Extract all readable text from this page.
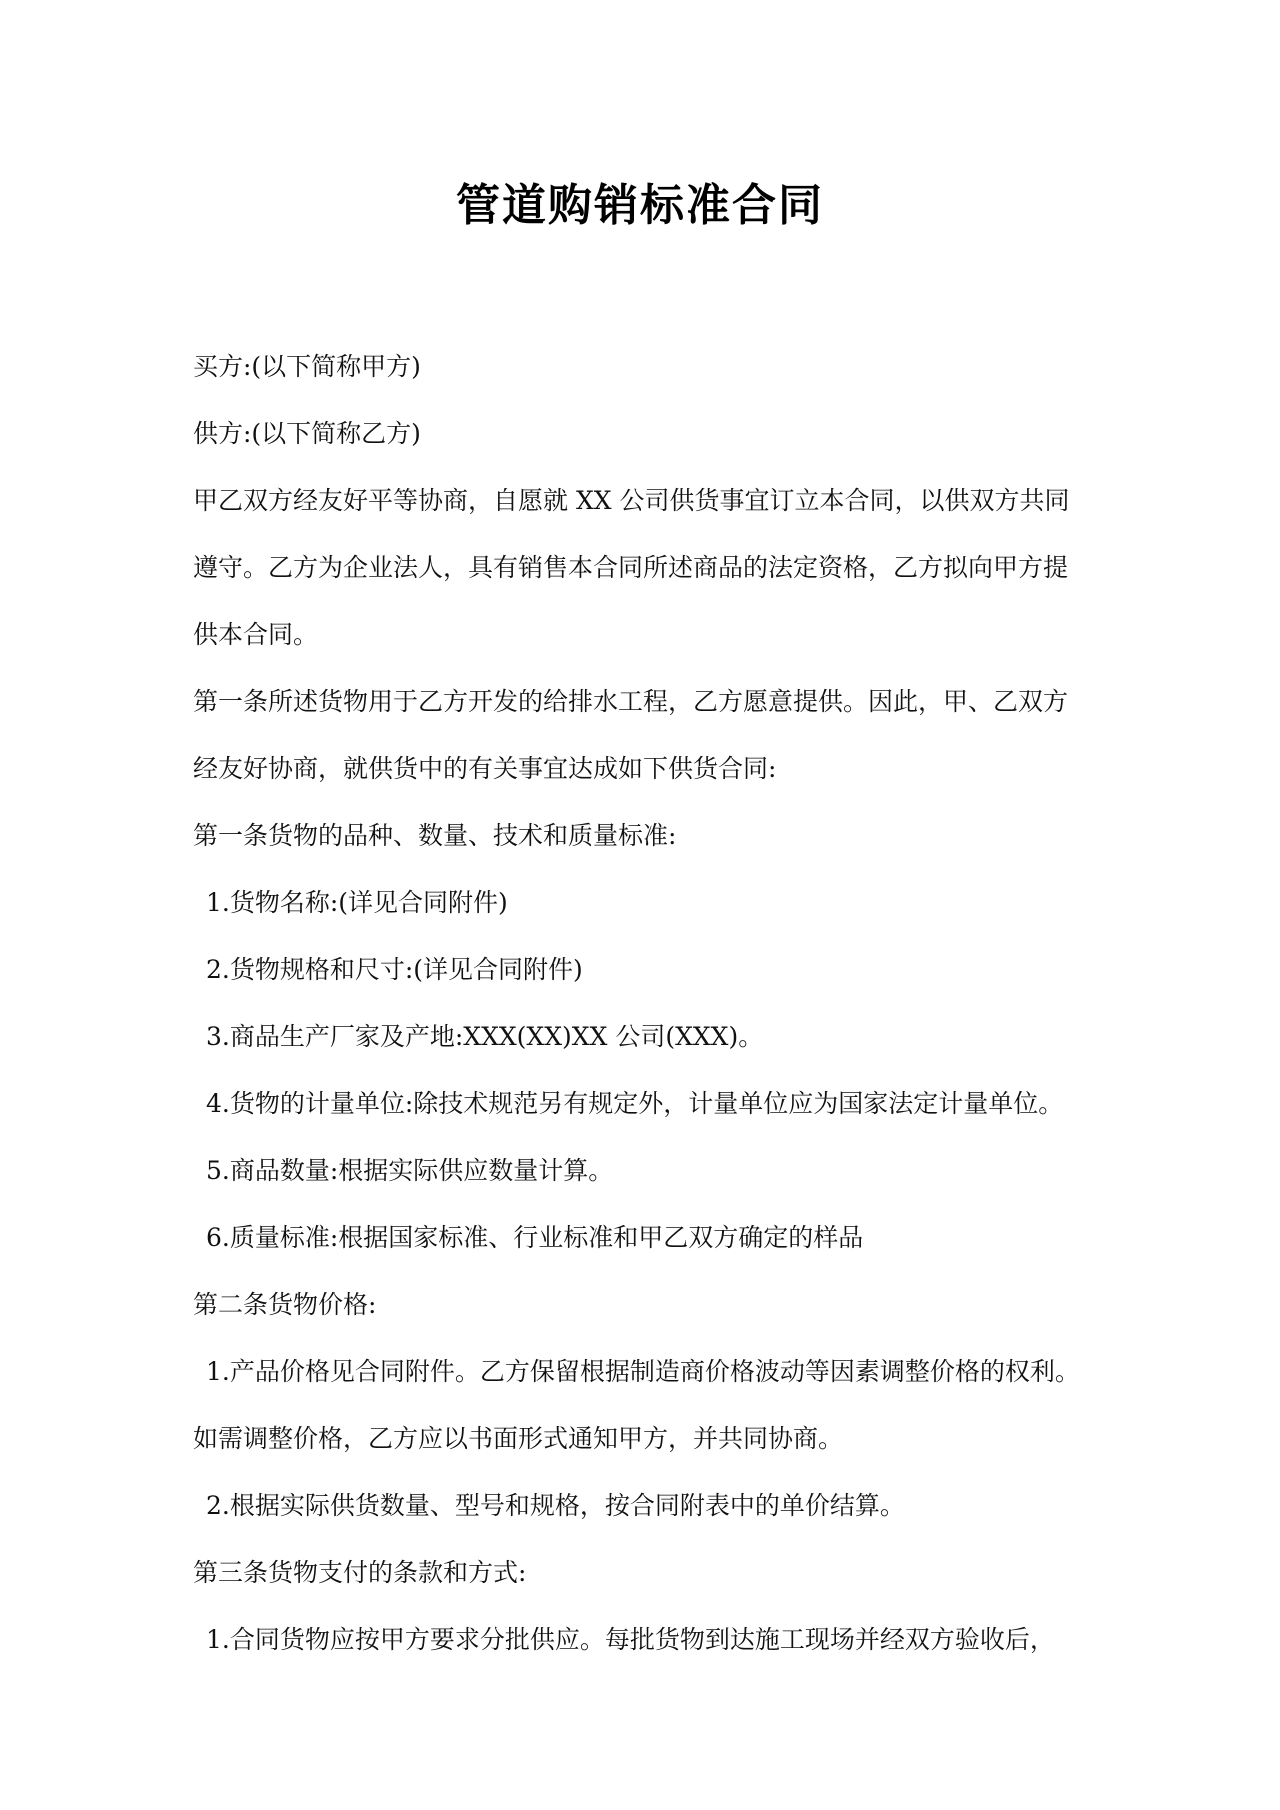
管道购销标准合同
买方:(以下简称甲方)
供方:(以下简称乙方)
甲乙双方经友好平等协商，自愿就 XX 公司供货事宜订立本合同，以供双方共同
遵守。乙方为企业法人，具有销售本合同所述商品的法定资格，乙方拟向甲方提
供本合同。
第一条所述货物用于乙方开发的给排水工程，乙方愿意提供。因此，甲、乙双方
经友好协商，就供货中的有关事宜达成如下供货合同:
第一条货物的品种、数量、技术和质量标准:
1.货物名称:(详见合同附件)
2.货物规格和尺寸:(详见合同附件)
3.商品生产厂家及产地:XXX(XX)XX 公司(XXX)。
4.货物的计量单位:除技术规范另有规定外，计量单位应为国家法定计量单位。
5.商品数量:根据实际供应数量计算。
6.质量标准:根据国家标准、行业标准和甲乙双方确定的样品
第二条货物价格:
1.产品价格见合同附件。乙方保留根据制造商价格波动等因素调整价格的权利。
如需调整价格，乙方应以书面形式通知甲方，并共同协商。
2.根据实际供货数量、型号和规格，按合同附表中的单价结算。
第三条货物支付的条款和方式:
1.合同货物应按甲方要求分批供应。每批货物到达施工现场并经双方验收后，
